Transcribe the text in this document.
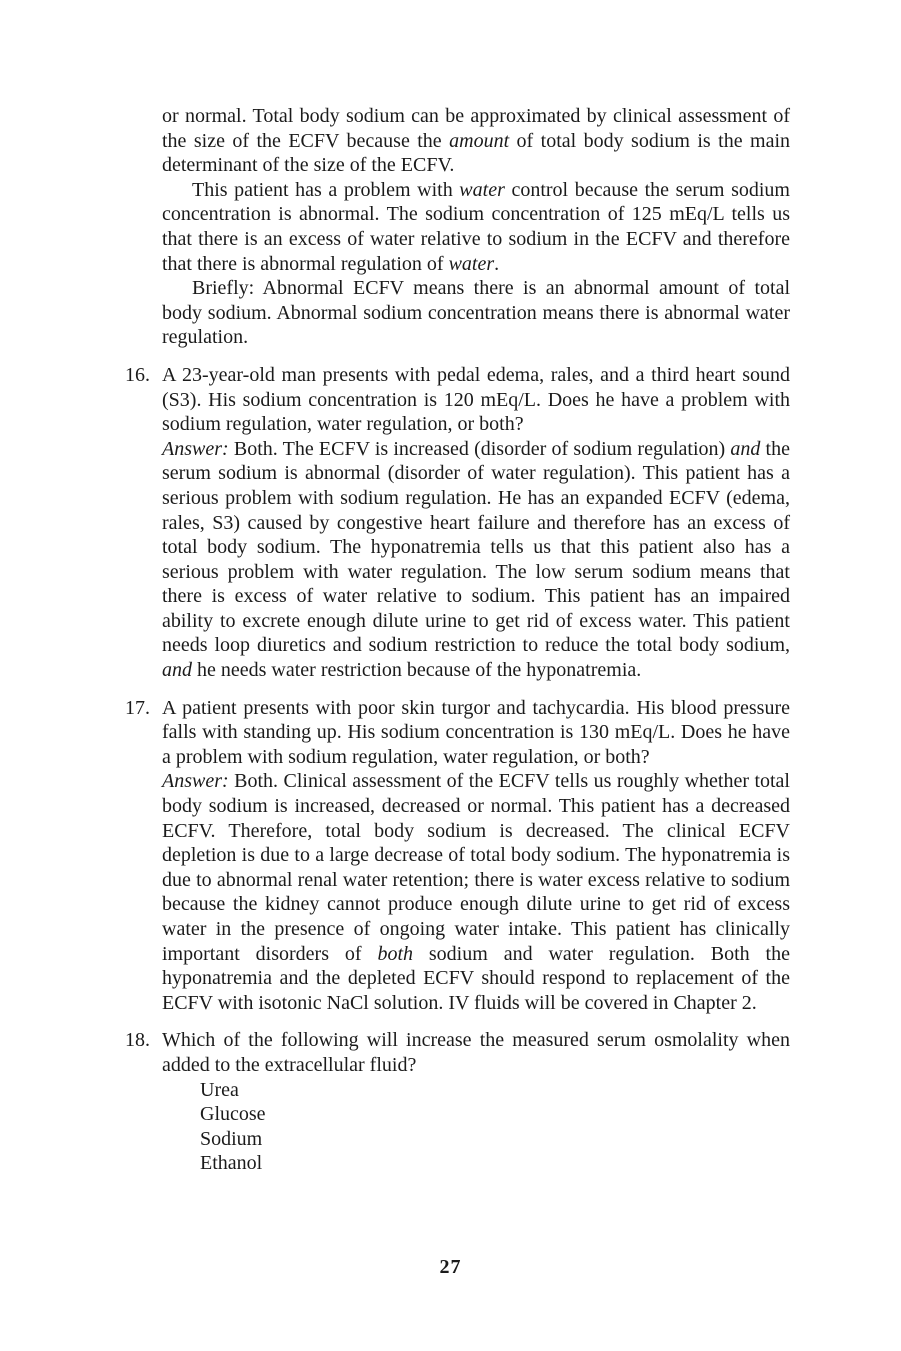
or normal. Total body sodium can be approximated by clinical assessment of the size of the ECFV because the amount of total body sodium is the main determinant of the size of the ECFV.

This patient has a problem with water control because the serum sodium concentration is abnormal. The sodium concentration of 125 mEq/L tells us that there is an excess of water relative to sodium in the ECFV and therefore that there is abnormal regulation of water.

Briefly: Abnormal ECFV means there is an abnormal amount of total body sodium. Abnormal sodium concentration means there is abnormal water regulation.

16. A 23-year-old man presents with pedal edema, rales, and a third heart sound (S3). His sodium concentration is 120 mEq/L. Does he have a problem with sodium regulation, water regulation, or both?

Answer: Both. The ECFV is increased (disorder of sodium regulation) and the serum sodium is abnormal (disorder of water regulation). This patient has a serious problem with sodium regulation. He has an expanded ECFV (edema, rales, S3) caused by congestive heart failure and therefore has an excess of total body sodium. The hyponatremia tells us that this patient also has a serious problem with water regulation. The low serum sodium means that there is excess of water relative to sodium. This patient has an impaired ability to excrete enough dilute urine to get rid of excess water. This patient needs loop diuretics and sodium restriction to reduce the total body sodium, and he needs water restriction because of the hyponatremia.

17. A patient presents with poor skin turgor and tachycardia. His blood pressure falls with standing up. His sodium concentration is 130 mEq/L. Does he have a problem with sodium regulation, water regulation, or both?

Answer: Both. Clinical assessment of the ECFV tells us roughly whether total body sodium is increased, decreased or normal. This patient has a decreased ECFV. Therefore, total body sodium is decreased. The clinical ECFV depletion is due to a large decrease of total body sodium. The hyponatremia is due to abnormal renal water retention; there is water excess relative to sodium because the kidney cannot produce enough dilute urine to get rid of excess water in the presence of ongoing water intake. This patient has clinically important disorders of both sodium and water regulation. Both the hyponatremia and the depleted ECFV should respond to replacement of the ECFV with isotonic NaCl solution. IV fluids will be covered in Chapter 2.

18. Which of the following will increase the measured serum osmolality when added to the extracellular fluid?

Urea

Glucose

Sodium

Ethanol

27
